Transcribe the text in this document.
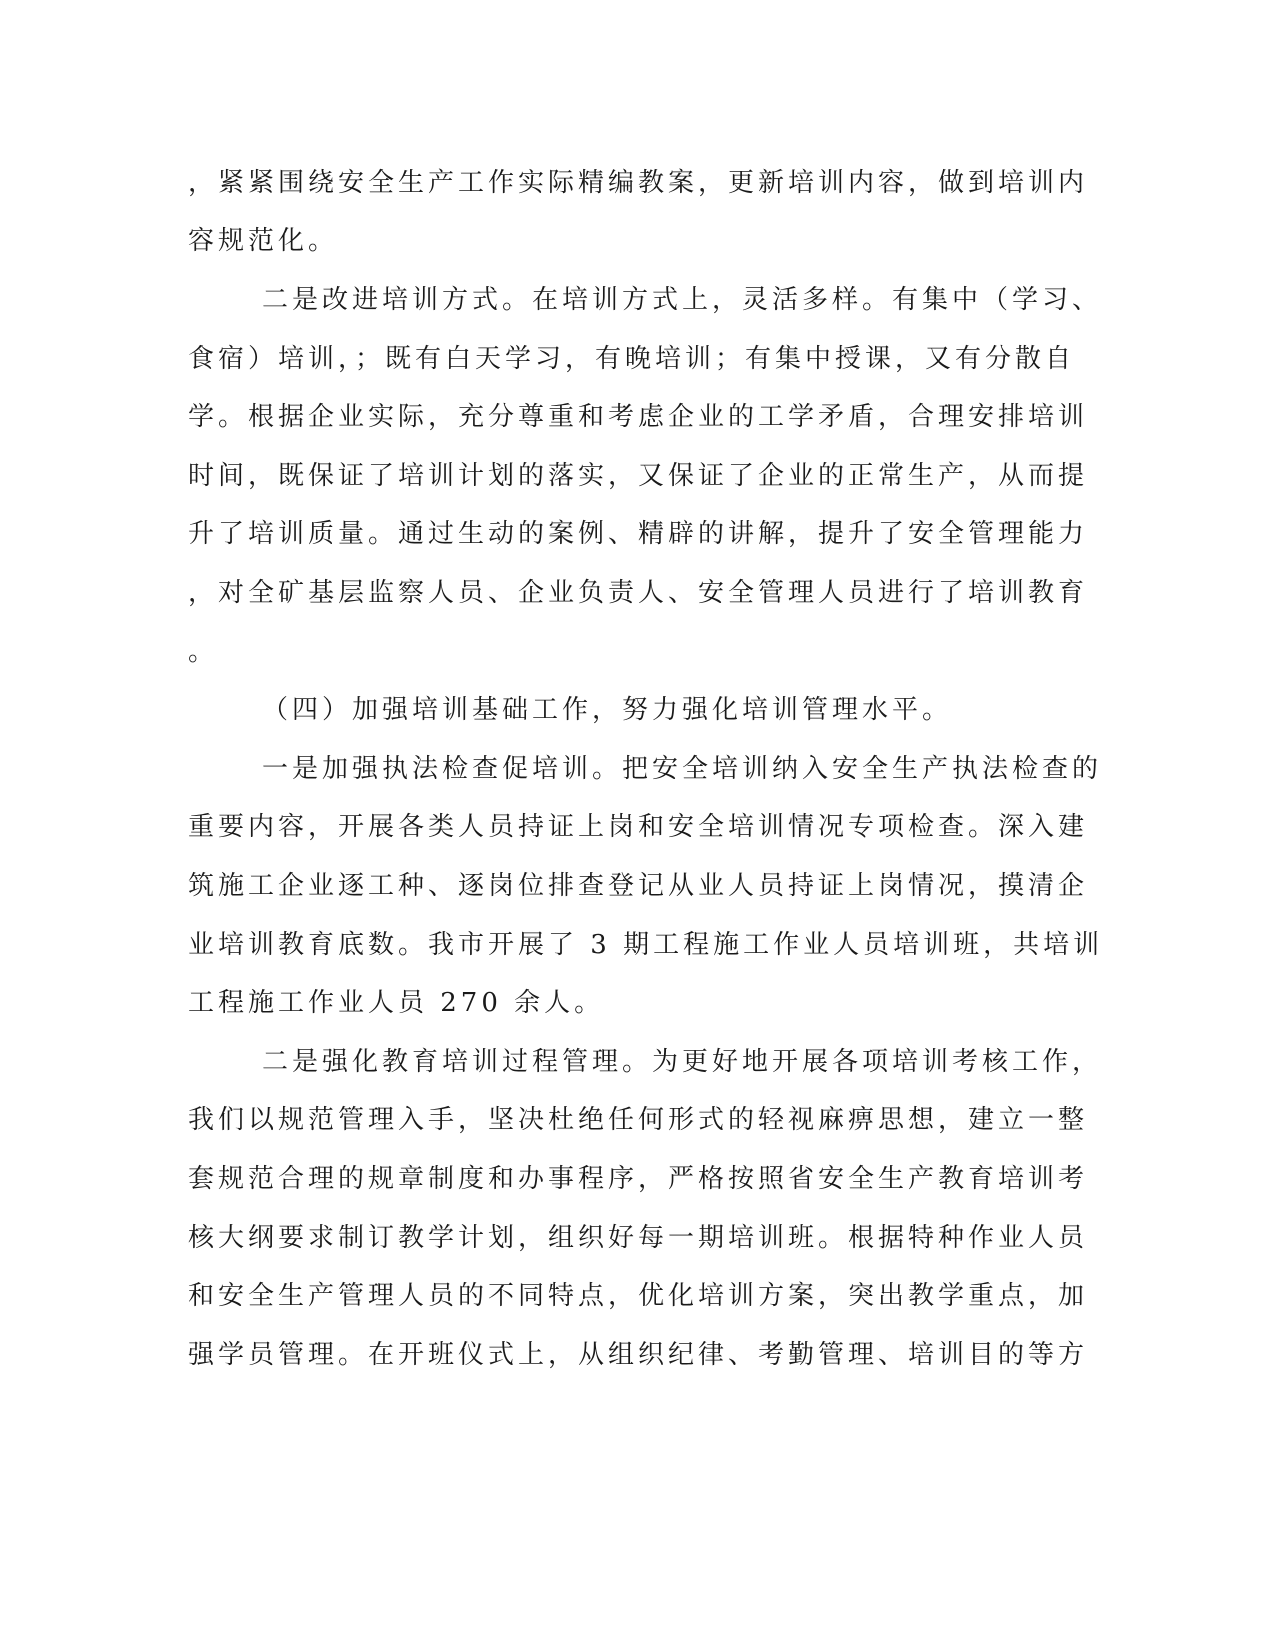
，紧紧围绕安全生产工作实际精编教案，更新培训内容，做到培训内

容规范化。

二是改进培训方式。在培训方式上，灵活多样。有集中（学习、

食宿）培训，；既有白天学习，有晚培训；有集中授课，又有分散自

学。根据企业实际，充分尊重和考虑企业的工学矛盾，合理安排培训

时间，既保证了培训计划的落实，又保证了企业的正常生产，从而提

升了培训质量。通过生动的案例、精辟的讲解，提升了安全管理能力

，对全矿基层监察人员、企业负责人、安全管理人员进行了培训教育

。

（四）加强培训基础工作，努力强化培训管理水平。

一是加强执法检查促培训。把安全培训纳入安全生产执法检查的

重要内容，开展各类人员持证上岗和安全培训情况专项检查。深入建

筑施工企业逐工种、逐岗位排查登记从业人员持证上岗情况，摸清企

业培训教育底数。我市开展了 3 期工程施工作业人员培训班，共培训

工程施工作业人员 270 余人。

二是强化教育培训过程管理。为更好地开展各项培训考核工作，

我们以规范管理入手，坚决杜绝任何形式的轻视麻痹思想，建立一整

套规范合理的规章制度和办事程序，严格按照省安全生产教育培训考

核大纲要求制订教学计划，组织好每一期培训班。根据特种作业人员

和安全生产管理人员的不同特点，优化培训方案，突出教学重点，加

强学员管理。在开班仪式上，从组织纪律、考勤管理、培训目的等方
